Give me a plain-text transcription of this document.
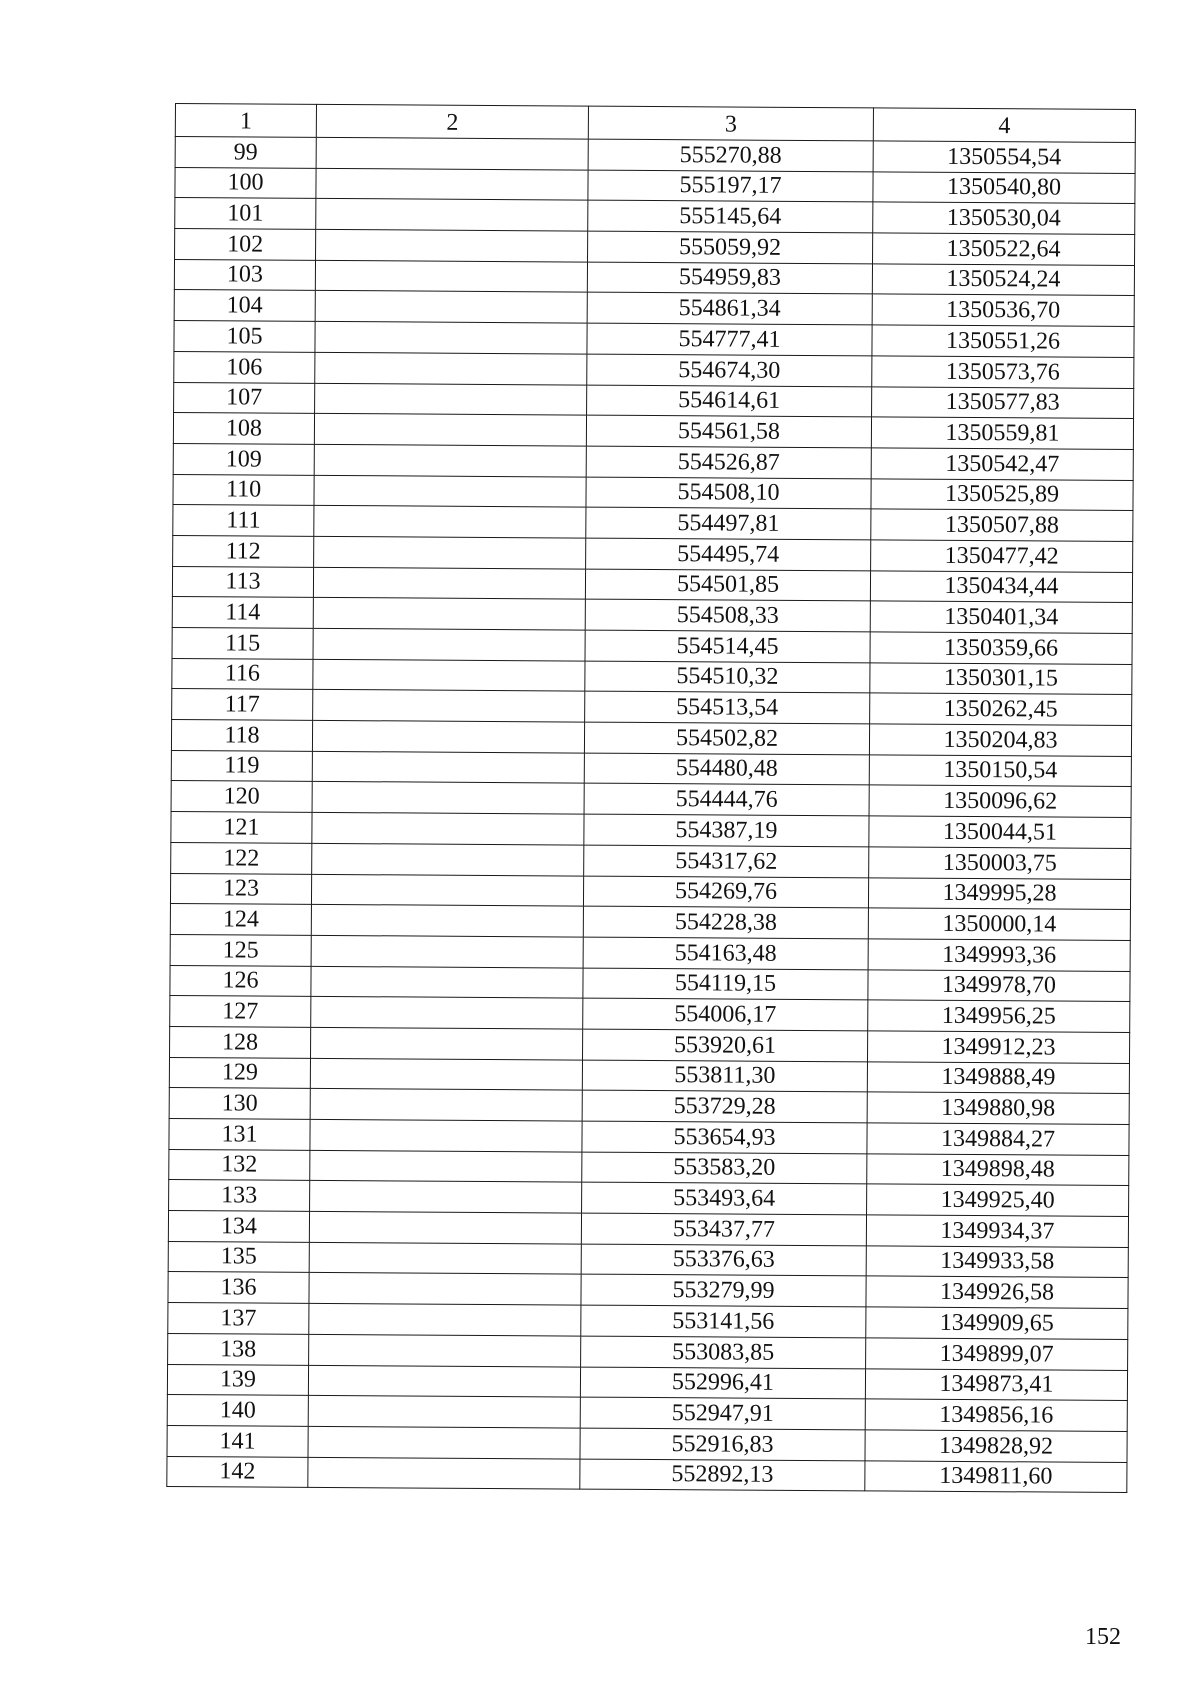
1	2	3	4
99		555270,88	1350554,54
100		555197,17	1350540,80
101		555145,64	1350530,04
102		555059,92	1350522,64
103		554959,83	1350524,24
104		554861,34	1350536,70
105		554777,41	1350551,26
106		554674,30	1350573,76
107		554614,61	1350577,83
108		554561,58	1350559,81
109		554526,87	1350542,47
110		554508,10	1350525,89
111		554497,81	1350507,88
112		554495,74	1350477,42
113		554501,85	1350434,44
114		554508,33	1350401,34
115		554514,45	1350359,66
116		554510,32	1350301,15
117		554513,54	1350262,45
118		554502,82	1350204,83
119		554480,48	1350150,54
120		554444,76	1350096,62
121		554387,19	1350044,51
122		554317,62	1350003,75
123		554269,76	1349995,28
124		554228,38	1350000,14
125		554163,48	1349993,36
126		554119,15	1349978,70
127		554006,17	1349956,25
128		553920,61	1349912,23
129		553811,30	1349888,49
130		553729,28	1349880,98
131		553654,93	1349884,27
132		553583,20	1349898,48
133		553493,64	1349925,40
134		553437,77	1349934,37
135		553376,63	1349933,58
136		553279,99	1349926,58
137		553141,56	1349909,65
138		553083,85	1349899,07
139		552996,41	1349873,41
140		552947,91	1349856,16
141		552916,83	1349828,92
142		552892,13	1349811,60
152
